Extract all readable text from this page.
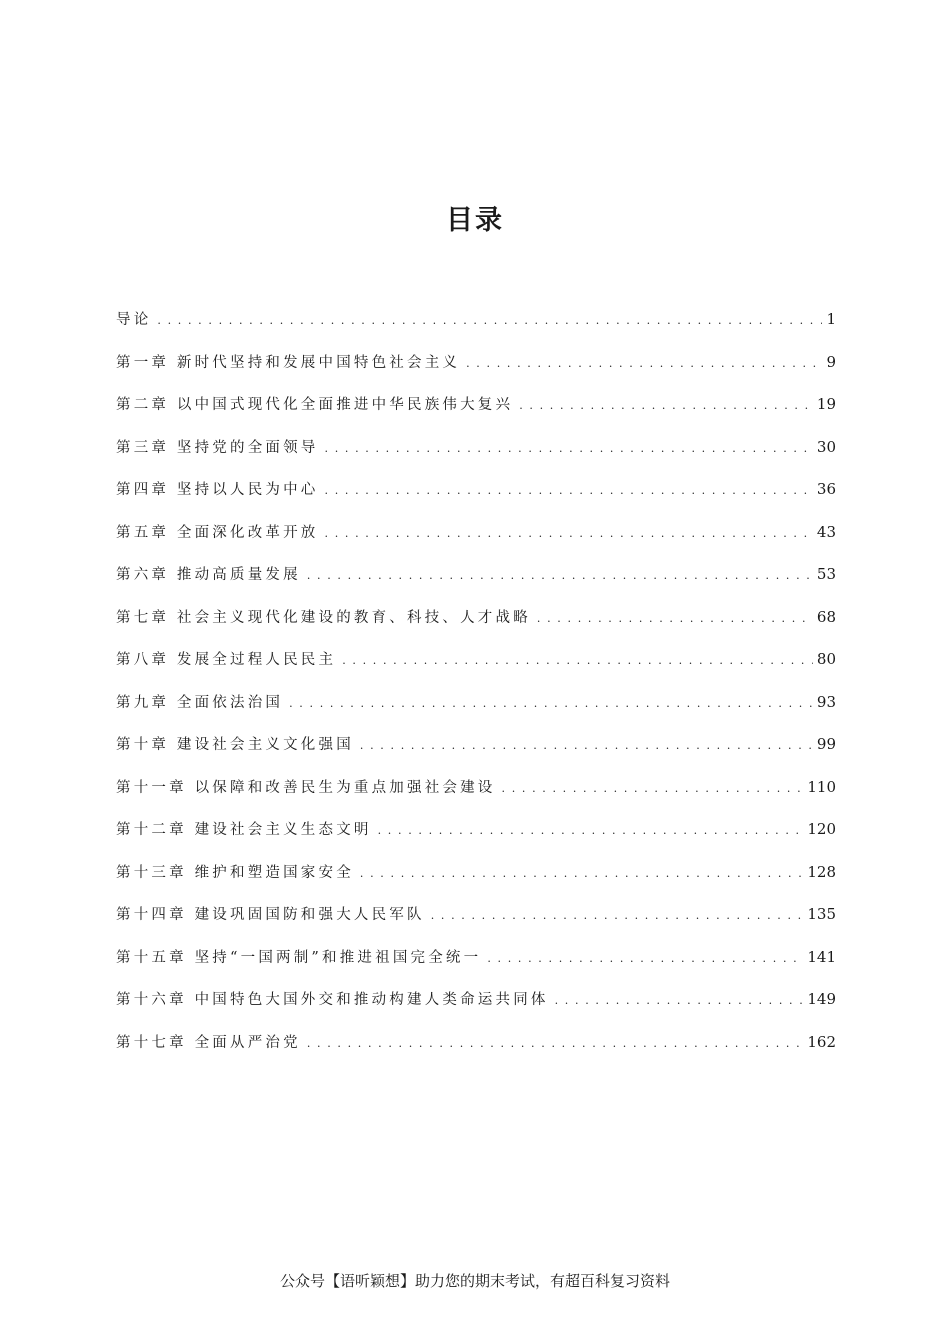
目录
导论 . . .	1
第一章 新时代坚持和发展中国特色社会主义 . . .	9
第二章 以中国式现代化全面推进中华民族伟大复兴 . . .	19
第三章 坚持党的全面领导 . . .	30
第四章 坚持以人民为中心 . . .	36
第五章 全面深化改革开放 . . .	43
第六章 推动高质量发展 . . .	53
第七章 社会主义现代化建设的教育、科技、人才战略 . . .	68
第八章 发展全过程人民民主 . . .	80
第九章 全面依法治国 . . .	93
第十章 建设社会主义文化强国 . . .	99
第十一章 以保障和改善民生为重点加强社会建设 . . .	110
第十二章 建设社会主义生态文明 . . .	120
第十三章 维护和塑造国家安全 . . .	128
第十四章 建设巩固国防和强大人民军队 . . .	135
第十五章 坚持“一国两制”和推进祖国完全统一 . . .	141
第十六章 中国特色大国外交和推动构建人类命运共同体 . . .	149
第十七章 全面从严治党 . . .	162

公众号【语听颖想】助力您的期末考试，有超百科复习资料
